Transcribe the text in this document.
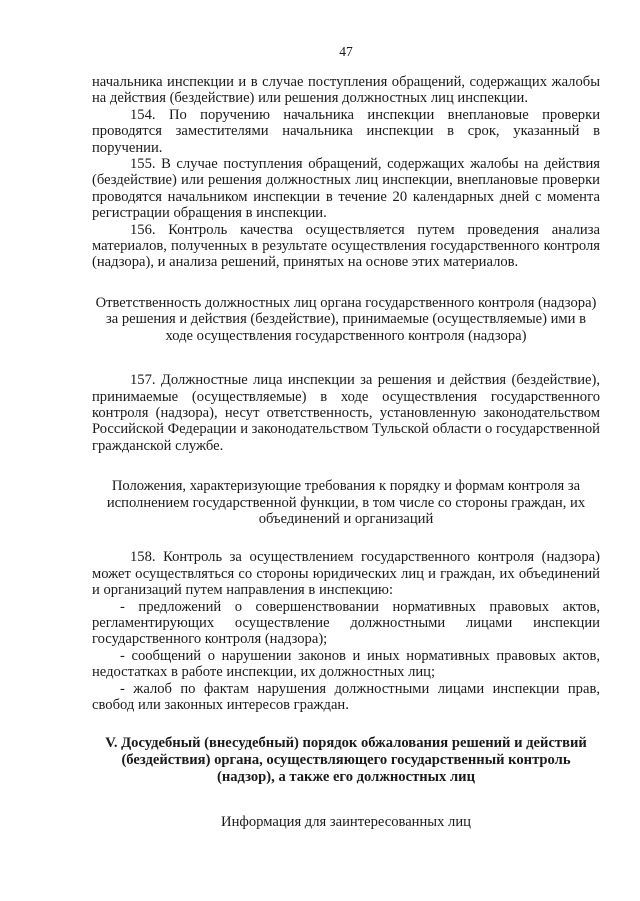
47

начальника инспекции и в случае поступления обращений, содержащих жалобы на действия (бездействие) или решения должностных лиц инспекции.

154. По поручению начальника инспекции внеплановые проверки проводятся заместителями начальника инспекции в срок, указанный в поручении.

155. В случае поступления обращений, содержащих жалобы на действия (бездействие) или решения должностных лиц инспекции, внеплановые проверки проводятся начальником инспекции в течение 20 календарных дней с момента регистрации обращения в инспекции.

156. Контроль качества осуществляется путем проведения анализа материалов, полученных в результате осуществления государственного контроля (надзора), и анализа решений, принятых на основе этих материалов.

Ответственность должностных лиц органа государственного контроля (надзора) за решения и действия (бездействие), принимаемые (осуществляемые) ими в ходе осуществления государственного контроля (надзора)

157. Должностные лица инспекции за решения и действия (бездействие), принимаемые (осуществляемые) в ходе осуществления государственного контроля (надзора), несут ответственность, установленную законодательством Российской Федерации и законодательством Тульской области о государственной гражданской службе.

Положения, характеризующие требования к порядку и формам контроля за исполнением государственной функции, в том числе со стороны граждан, их объединений и организаций

158. Контроль за осуществлением государственного контроля (надзора) может осуществляться со стороны юридических лиц и граждан, их объединений и организаций путем направления в инспекцию:

- предложений о совершенствовании нормативных правовых актов, регламентирующих осуществление должностными лицами инспекции государственного контроля (надзора);

- сообщений о нарушении законов и иных нормативных правовых актов, недостатках в работе инспекции, их должностных лиц;

- жалоб по фактам нарушения должностными лицами инспекции прав, свобод или законных интересов граждан.

V. Досудебный (внесудебный) порядок обжалования решений и действий (бездействия) органа, осуществляющего государственный контроль (надзор), а также его должностных лиц

Информация для заинтересованных лиц
